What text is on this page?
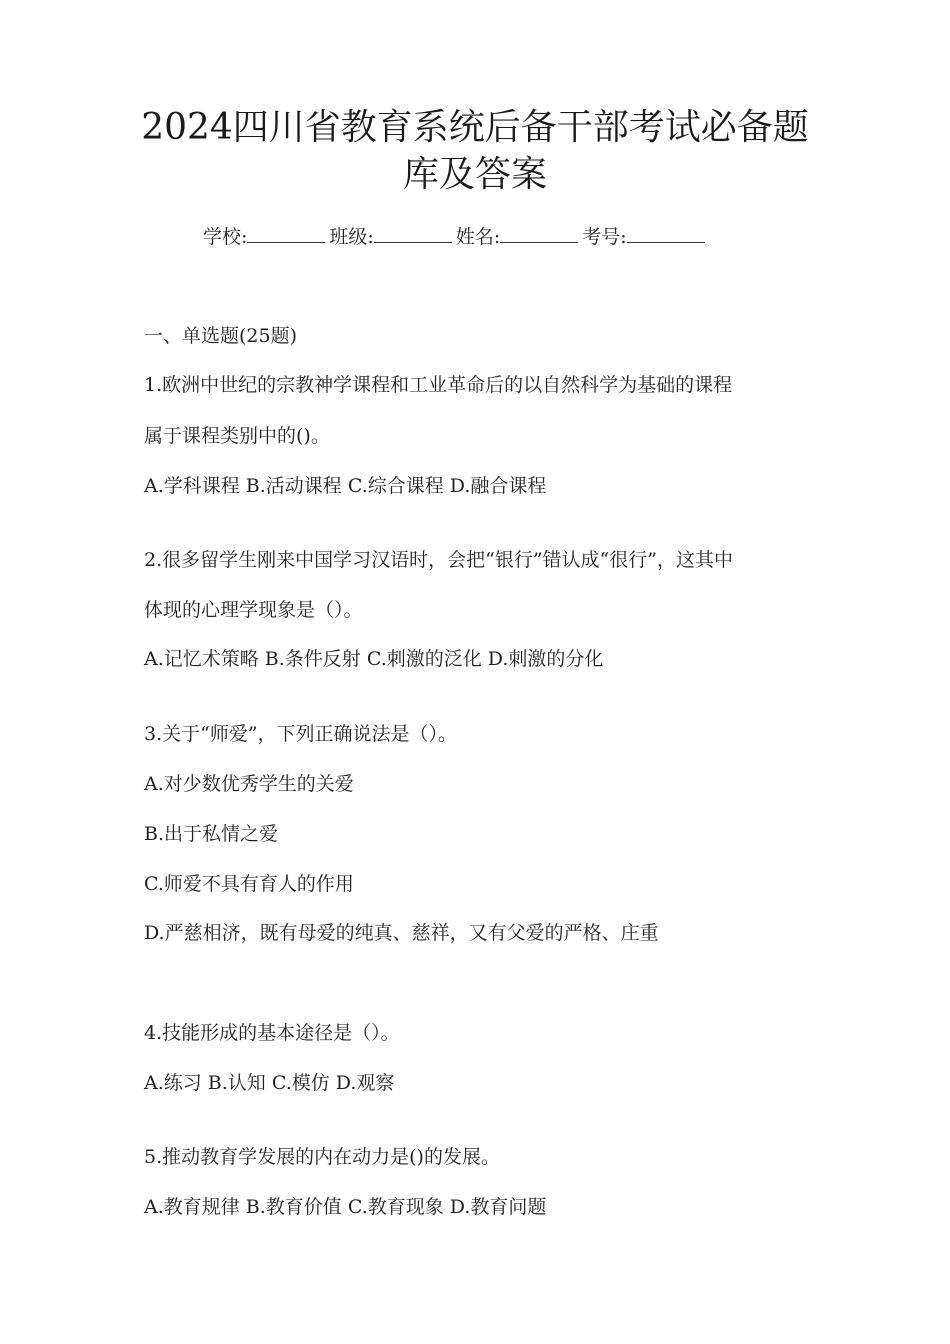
2024四川省教育系统后备干部考试必备题
库及答案
学校:	班级:	姓名:	考号:
一、单选题(25题)
1.欧洲中世纪的宗教神学课程和工业革命后的以自然科学为基础的课程
属于课程类别中的()。
A.学科课程 B.活动课程 C.综合课程 D.融合课程
2.很多留学生刚来中国学习汉语时，会把“银行”错认成“很行”，这其中
体现的心理学现象是（）。
A.记忆术策略 B.条件反射 C.刺激的泛化 D.刺激的分化
3.关于“师爱”，下列正确说法是（）。
A.对少数优秀学生的关爱
B.出于私情之爱
C.师爱不具有育人的作用
D.严慈相济，既有母爱的纯真、慈祥，又有父爱的严格、庄重
4.技能形成的基本途径是（）。
A.练习 B.认知 C.模仿 D.观察
5.推动教育学发展的内在动力是()的发展。
A.教育规律 B.教育价值 C.教育现象 D.教育问题
